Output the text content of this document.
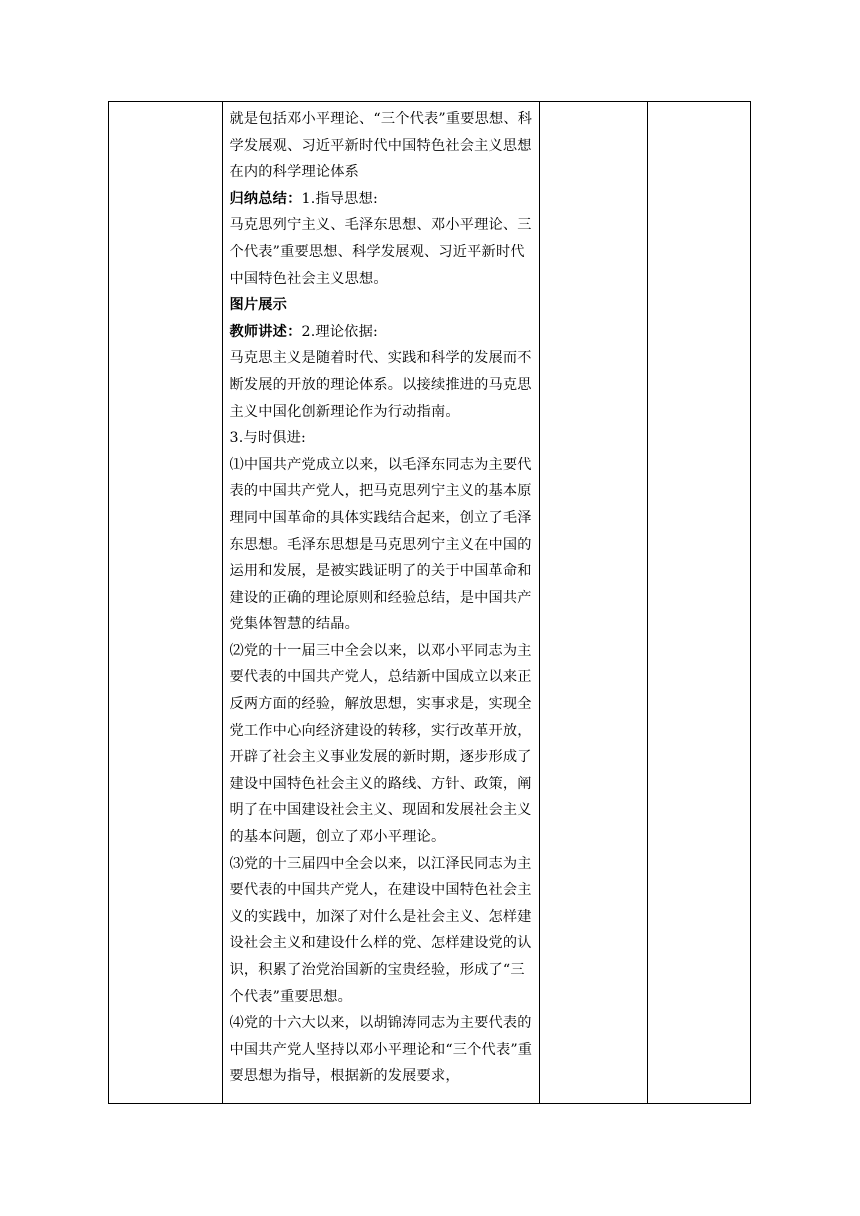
就是包括邓小平理论、“三个代表”重要思想、科学发展观、习近平新时代中国特色社会主义思想在内的科学理论体系

归纳总结：1.指导思想:

马克思列宁主义、毛泽东思想、邓小平理论、三个代表”重要思想、科学发展观、习近平新时代中国特色社会主义思想。

图片展示

教师讲述：2.理论依据:

马克思主义是随着时代、实践和科学的发展而不断发展的开放的理论体系。以接续推进的马克思主义中国化创新理论作为行动指南。

3.与时俱进:

⑴中国共产党成立以来，以毛泽东同志为主要代表的中国共产党人，把马克思列宁主义的基本原理同中国革命的具体实践结合起来，创立了毛泽东思想。毛泽东思想是马克思列宁主义在中国的运用和发展，是被实践证明了的关于中国革命和建设的正确的理论原则和经验总结，是中国共产党集体智慧的结晶。

⑵党的十一届三中全会以来，以邓小平同志为主要代表的中国共产党人，总结新中国成立以来正反两方面的经验，解放思想，实事求是，实现全党工作中心向经济建设的转移，实行改革开放，开辟了社会主义事业发展的新时期，逐步形成了建设中国特色社会主义的路线、方针、政策，阐明了在中国建设社会主义、现固和发展社会主义的基本问题，创立了邓小平理论。

⑶党的十三届四中全会以来，以江泽民同志为主要代表的中国共产党人，在建设中国特色社会主义的实践中，加深了对什么是社会主义、怎样建设社会主义和建设什么样的党、怎样建设党的认识，积累了治党治国新的宝贵经验，形成了“三个代表”重要思想。

⑷党的十六大以来，以胡锦涛同志为主要代表的中国共产党人坚持以邓小平理论和“三个代表”重要思想为指导，根据新的发展要求，
